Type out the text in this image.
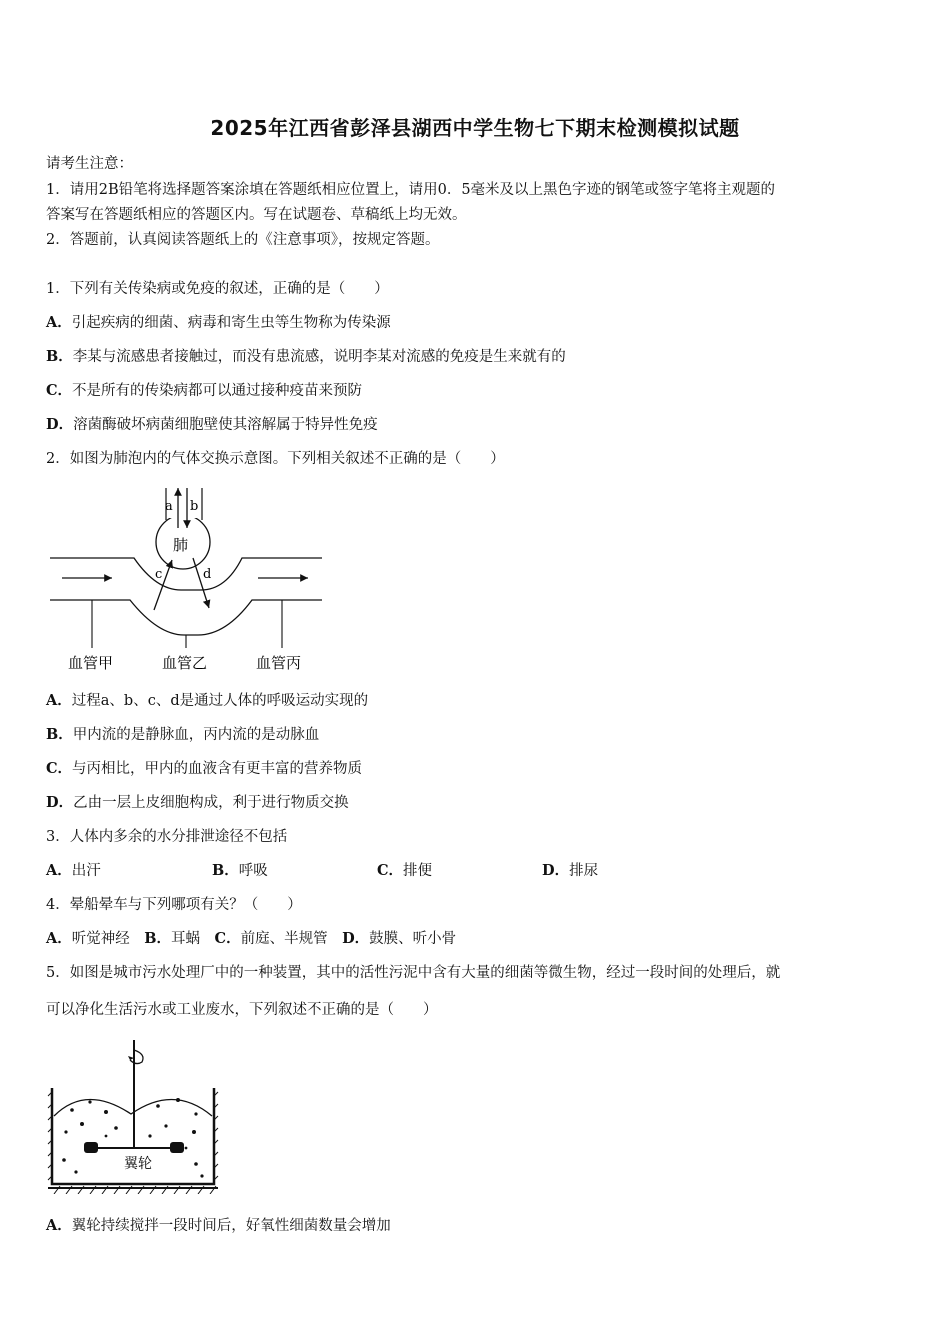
2025年江西省彭泽县湖西中学生物七下期末检测模拟试题
请考生注意：
1．请用2B铅笔将选择题答案涂填在答题纸相应位置上，请用0．5毫米及以上黑色字迹的钢笔或签字笔将主观题的
答案写在答题纸相应的答题区内。写在试题卷、草稿纸上均无效。
2．答题前，认真阅读答题纸上的《注意事项》，按规定答题。
1．下列有关传染病或免疫的叙述，正确的是（　　）
A．引起疾病的细菌、病毒和寄生虫等生物称为传染源
B．李某与流感患者接触过，而没有患流感，说明李某对流感的免疫是生来就有的
C．不是所有的传染病都可以通过接种疫苗来预防
D．溶菌酶破坏病菌细胞壁使其溶解属于特异性免疫
2．如图为肺泡内的气体交换示意图。下列相关叙述不正确的是（　　）
a b
肺
c	d
血管甲	血管乙	血管丙
A．过程a、b、c、d是通过人体的呼吸运动实现的
B．甲内流的是静脉血，丙内流的是动脉血
C．与丙相比，甲内的血液含有更丰富的营养物质
D．乙由一层上皮细胞构成，利于进行物质交换
3．人体内多余的水分排泄途径不包括
A．出汗	B．呼吸	C．排便	D．排尿
4．晕船晕车与下列哪项有关？（　　）
A．听觉神经　 B．耳蜗　 C．前庭、半规管　 D．鼓膜、听小骨
5．如图是城市污水处理厂中的一种装置，其中的活性污泥中含有大量的细菌等微生物，经过一段时间的处理后，就
可以净化生活污水或工业废水，下列叙述不正确的是（　　）
翼轮
A．翼轮持续搅拌一段时间后，好氧性细菌数量会增加
